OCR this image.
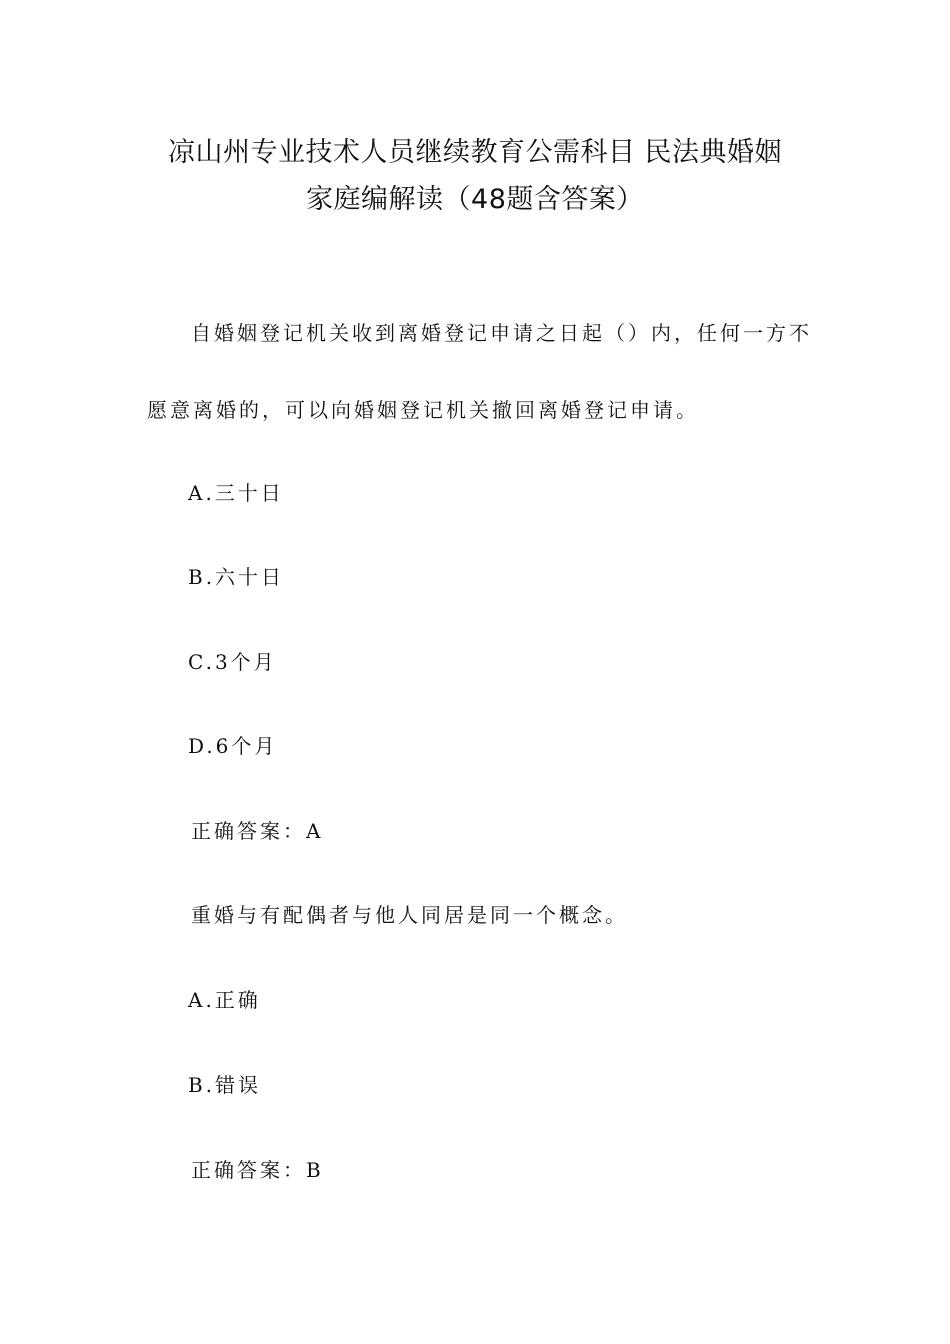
凉山州专业技术人员继续教育公需科目 民法典婚姻
家庭编解读（48题含答案）
自婚姻登记机关收到离婚登记申请之日起（）内，任何一方不
愿意离婚的，可以向婚姻登记机关撤回离婚登记申请。
A.三十日
B.六十日
C.3个月
D.6个月
正确答案：A
重婚与有配偶者与他人同居是同一个概念。
A.正确
B.错误
正确答案：B
